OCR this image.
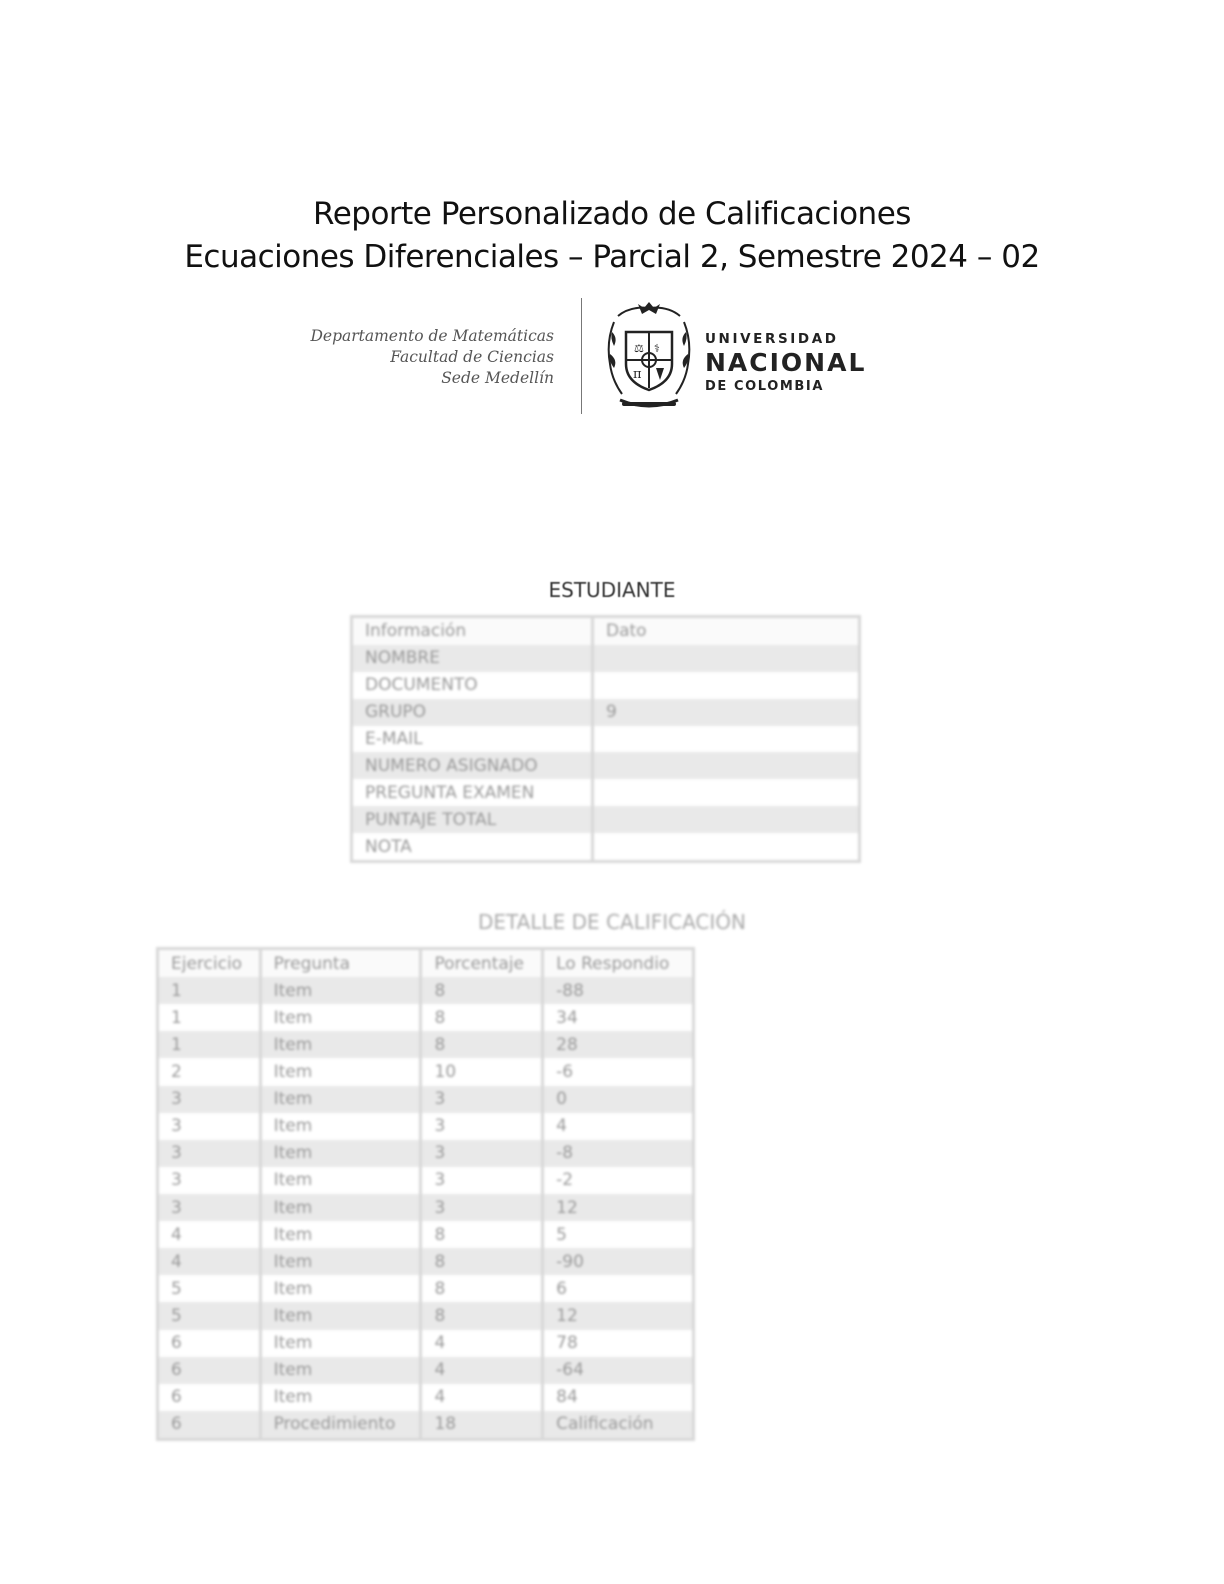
Reporte Personalizado de Calificaciones
Ecuaciones Diferenciales – Parcial 2, Semestre 2024 – 02
Departamento de Matemáticas
Facultad de Ciencias
Sede Medellín
⚖ ⚕
π
UNIVERSIDAD
NACIONAL
DE COLOMBIA
ESTUDIANTE
Información	Dato
NOMBRE	
DOCUMENTO	
GRUPO	9
E-MAIL	
NUMERO ASIGNADO	
PREGUNTA EXAMEN	
PUNTAJE TOTAL	
NOTA	
DETALLE DE CALIFICACIÓN
Ejercicio	Pregunta	Porcentaje	Lo Respondio
1	Item	8	-88
1	Item	8	34
1	Item	8	28
2	Item	10	-6
3	Item	3	0
3	Item	3	4
3	Item	3	-8
3	Item	3	-2
3	Item	3	12
4	Item	8	5
4	Item	8	-90
5	Item	8	6
5	Item	8	12
6	Item	4	78
6	Item	4	-64
6	Item	4	84
6	Procedimiento	18	Calificación
